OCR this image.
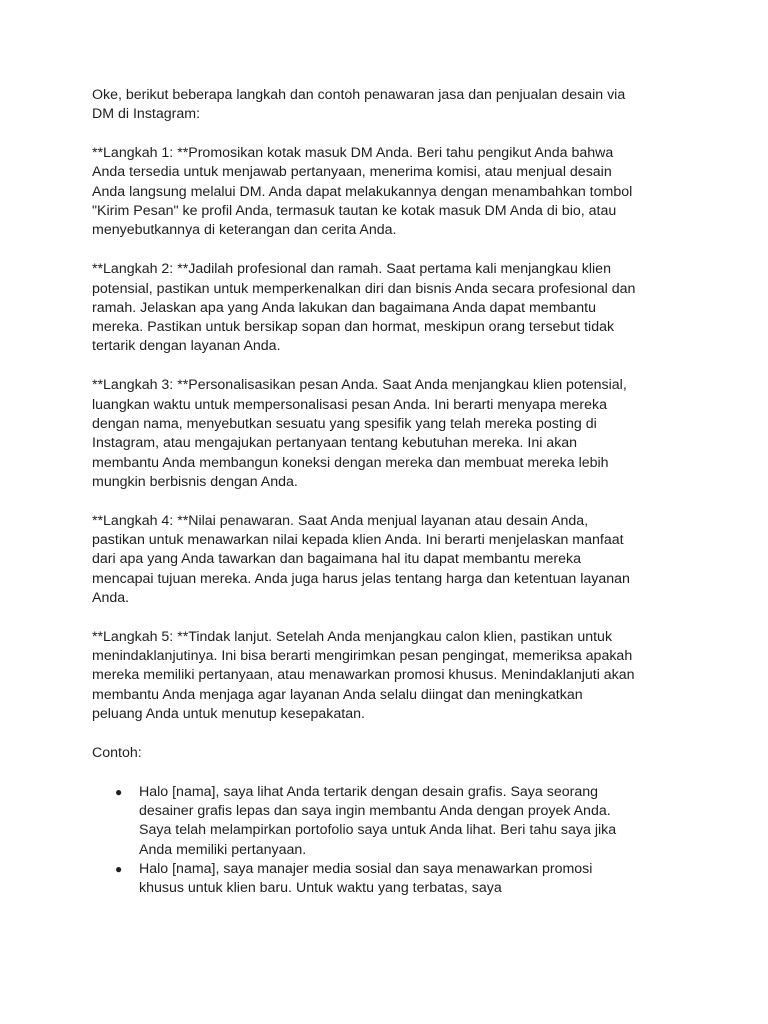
Oke, berikut beberapa langkah dan contoh penawaran jasa dan penjualan desain via DM di Instagram:

**Langkah 1: **Promosikan kotak masuk DM Anda. Beri tahu pengikut Anda bahwa Anda tersedia untuk menjawab pertanyaan, menerima komisi, atau menjual desain Anda langsung melalui DM. Anda dapat melakukannya dengan menambahkan tombol "Kirim Pesan" ke profil Anda, termasuk tautan ke kotak masuk DM Anda di bio, atau menyebutkannya di keterangan dan cerita Anda.

**Langkah 2: **Jadilah profesional dan ramah. Saat pertama kali menjangkau klien potensial, pastikan untuk memperkenalkan diri dan bisnis Anda secara profesional dan ramah. Jelaskan apa yang Anda lakukan dan bagaimana Anda dapat membantu mereka. Pastikan untuk bersikap sopan dan hormat, meskipun orang tersebut tidak tertarik dengan layanan Anda.

**Langkah 3: **Personalisasikan pesan Anda. Saat Anda menjangkau klien potensial, luangkan waktu untuk mempersonalisasi pesan Anda. Ini berarti menyapa mereka dengan nama, menyebutkan sesuatu yang spesifik yang telah mereka posting di Instagram, atau mengajukan pertanyaan tentang kebutuhan mereka. Ini akan membantu Anda membangun koneksi dengan mereka dan membuat mereka lebih mungkin berbisnis dengan Anda.

**Langkah 4: **Nilai penawaran. Saat Anda menjual layanan atau desain Anda, pastikan untuk menawarkan nilai kepada klien Anda. Ini berarti menjelaskan manfaat dari apa yang Anda tawarkan dan bagaimana hal itu dapat membantu mereka mencapai tujuan mereka. Anda juga harus jelas tentang harga dan ketentuan layanan Anda.

**Langkah 5: **Tindak lanjut. Setelah Anda menjangkau calon klien, pastikan untuk menindaklanjutinya. Ini bisa berarti mengirimkan pesan pengingat, memeriksa apakah mereka memiliki pertanyaan, atau menawarkan promosi khusus. Menindaklanjuti akan membantu Anda menjaga agar layanan Anda selalu diingat dan meningkatkan peluang Anda untuk menutup kesepakatan.

Contoh:

● Halo [nama], saya lihat Anda tertarik dengan desain grafis. Saya seorang desainer grafis lepas dan saya ingin membantu Anda dengan proyek Anda. Saya telah melampirkan portofolio saya untuk Anda lihat. Beri tahu saya jika Anda memiliki pertanyaan.
● Halo [nama], saya manajer media sosial dan saya menawarkan promosi khusus untuk klien baru. Untuk waktu yang terbatas, saya
